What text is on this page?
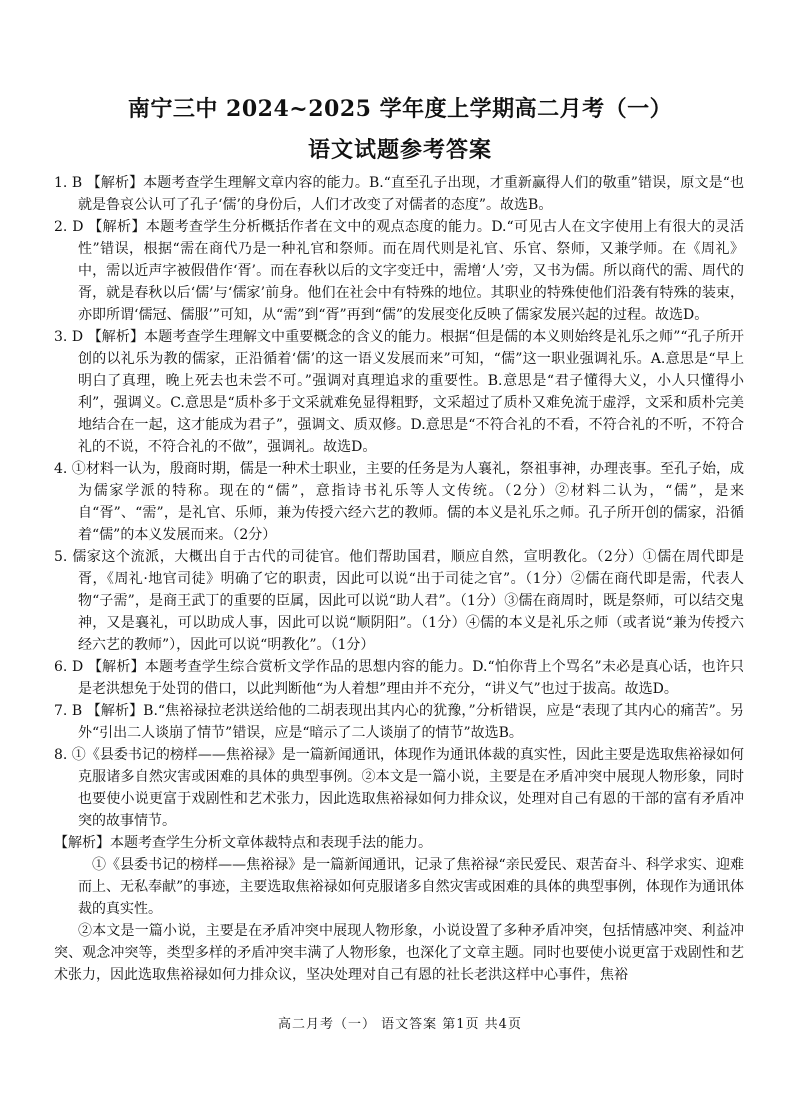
南宁三中 2024~2025 学年度上学期高二月考（一）
语文试题参考答案

1. B 【解析】本题考查学生理解文章内容的能力。B.“直至孔子出现，才重新赢得人们的敬重”错误，原文是“也就是鲁哀公认可了孔子‘儒’的身份后，人们才改变了对儒者的态度”。故选B。

2. D 【解析】本题考查学生分析概括作者在文中的观点态度的能力。D.“可见古人在文字使用上有很大的灵活性”错误，根据“需在商代乃是一种礼官和祭师。而在周代则是礼官、乐官、祭师，又兼学师。在《周礼》中，需以近声字被假借作‘胥’。而在春秋以后的文字变迁中，需增‘人’旁，又书为儒。所以商代的需、周代的胥，就是春秋以后‘儒’与‘儒家’前身。他们在社会中有特殊的地位。其职业的特殊使他们沿袭有特殊的装束，亦即所谓‘儒冠、儒服’”可知，从“需”到“胥”再到“儒”的发展变化反映了儒家发展兴起的过程。故选D。

3. D 【解析】本题考查学生理解文中重要概念的含义的能力。根据“但是儒的本义则始终是礼乐之师”“孔子所开创的以礼乐为教的儒家，正沿循着‘儒’的这一语义发展而来”可知，“儒”这一职业强调礼乐。A.意思是“早上明白了真理，晚上死去也未尝不可。”强调对真理追求的重要性。B.意思是“君子懂得大义，小人只懂得小利”，强调义。C.意思是“质朴多于文采就难免显得粗野，文采超过了质朴又难免流于虚浮，文采和质朴完美地结合在一起，这才能成为君子”，强调文、质双修。D.意思是“不符合礼的不看，不符合礼的不听，不符合礼的不说，不符合礼的不做”，强调礼。故选D。

4. ①材料一认为，殷商时期，儒是一种术士职业，主要的任务是为人襄礼，祭祖事神，办理丧事。至孔子始，成为儒家学派的特称。现在的“儒”，意指诗书礼乐等人文传统。（2分）②材料二认为，“儒”，是来自“胥”、“需”，是礼官、乐师，兼为传授六经六艺的教师。儒的本义是礼乐之师。孔子所开创的儒家，沿循着“儒”的本义发展而来。（2分）

5. 儒家这个流派，大概出自于古代的司徒官。他们帮助国君，顺应自然，宣明教化。（2分）①儒在周代即是胥，《周礼·地官司徒》明确了它的职责，因此可以说“出于司徒之官”。（1分）②儒在商代即是需，代表人物“子需”，是商王武丁的重要的臣属，因此可以说“助人君”。（1分）③儒在商周时，既是祭师，可以结交鬼神，又是襄礼，可以助成人事，因此可以说“顺阴阳”。（1分）④儒的本义是礼乐之师（或者说“兼为传授六经六艺的教师”），因此可以说“明教化”。（1分）

6. D 【解析】本题考查学生综合赏析文学作品的思想内容的能力。D.“怕你背上个骂名”未必是真心话，也许只是老洪想免于处罚的借口，以此判断他“为人着想”理由并不充分，“讲义气”也过于拔高。故选D。

7. B 【解析】B.“焦裕禄拉老洪送给他的二胡表现出其内心的犹豫，”分析错误，应是“表现了其内心的痛苦”。另外“引出二人谈崩了情节”错误，应是“暗示了二人谈崩了的情节”故选B。

8. ①《县委书记的榜样——焦裕禄》是一篇新闻通讯，体现作为通讯体裁的真实性，因此主要是选取焦裕禄如何克服诸多自然灾害或困难的具体的典型事例。②本文是一篇小说，主要是在矛盾冲突中展现人物形象，同时也要使小说更富于戏剧性和艺术张力，因此选取焦裕禄如何力排众议，处理对自己有恩的干部的富有矛盾冲突的故事情节。

【解析】本题考查学生分析文章体裁特点和表现手法的能力。

①《县委书记的榜样——焦裕禄》是一篇新闻通讯，记录了焦裕禄“亲民爱民、艰苦奋斗、科学求实、迎难而上、无私奉献”的事迹，主要选取焦裕禄如何克服诸多自然灾害或困难的具体的典型事例，体现作为通讯体裁的真实性。

②本文是一篇小说，主要是在矛盾冲突中展现人物形象，小说设置了多种矛盾冲突，包括情感冲突、利益冲突、观念冲突等，类型多样的矛盾冲突丰满了人物形象，也深化了文章主题。同时也要使小说更富于戏剧性和艺术张力，因此选取焦裕禄如何力排众议，坚决处理对自己有恩的社长老洪这样中心事件，焦裕

高二月考（一） 语文答案 第1页 共4页
